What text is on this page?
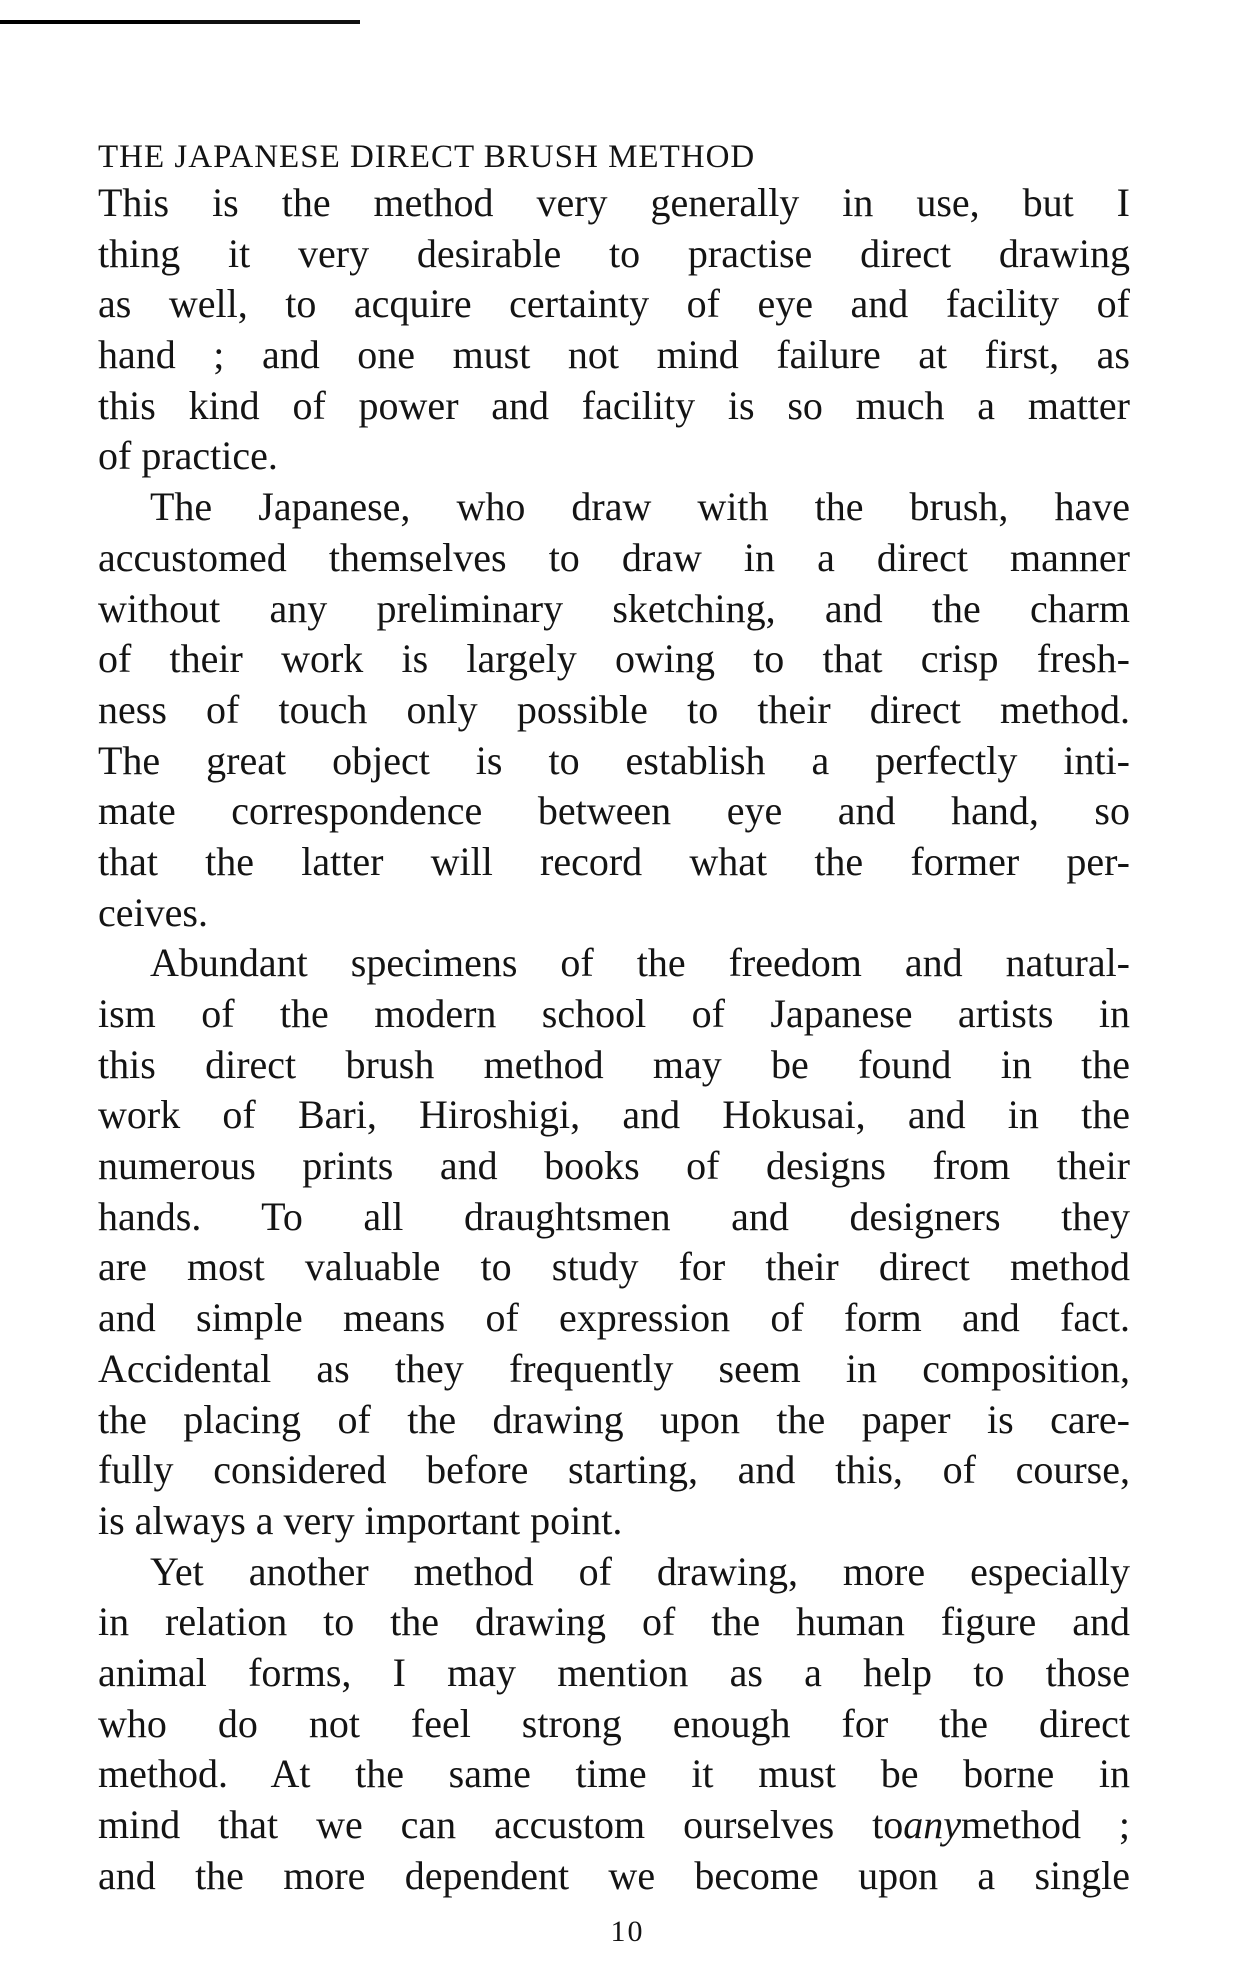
THE JAPANESE DIRECT BRUSH METHOD
This is the method very generally in use, but I
thing it very desirable to practise direct drawing
as well, to acquire certainty of eye and facility of
hand ; and one must not mind failure at first, as
this kind of power and facility is so much a matter
of practice.
The Japanese, who draw with the brush, have
accustomed themselves to draw in a direct manner
without any preliminary sketching, and the charm
of their work is largely owing to that crisp fresh-
ness of touch only possible to their direct method.
The great object is to establish a perfectly inti-
mate correspondence between eye and hand, so
that the latter will record what the former per-
ceives.
Abundant specimens of the freedom and natural-
ism of the modern school of Japanese artists in
this direct brush method may be found in the
work of Bari, Hiroshigi, and Hokusai, and in the
numerous prints and books of designs from their
hands. To all draughtsmen and designers they
are most valuable to study for their direct method
and simple means of expression of form and fact.
Accidental as they frequently seem in composition,
the placing of the drawing upon the paper is care-
fully considered before starting, and this, of course,
is always a very important point.
Yet another method of drawing, more especially
in relation to the drawing of the human figure and
animal forms, I may mention as a help to those
who do not feel strong enough for the direct
method. At the same time it must be borne in
mind that we can accustom ourselves toanymethod ;
and the more dependent we become upon a single
10
